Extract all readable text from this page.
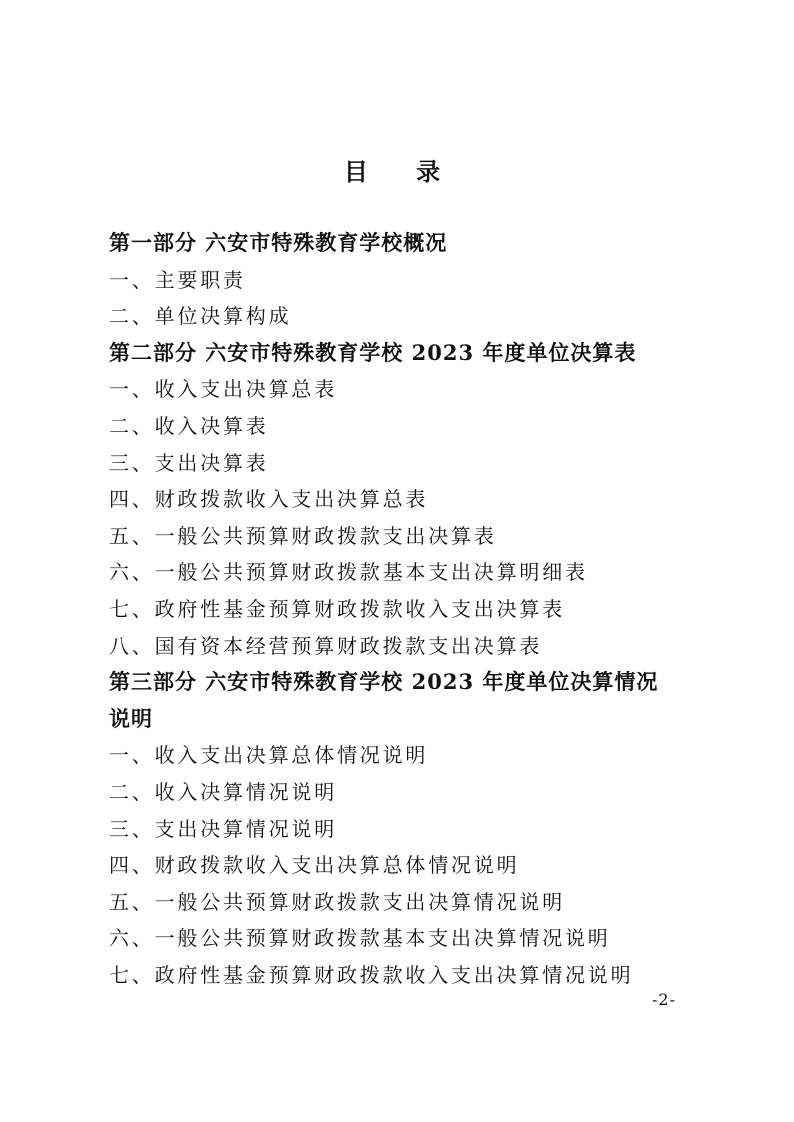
目 录
第一部分 六安市特殊教育学校概况
一、主要职责
二、单位决算构成
第二部分 六安市特殊教育学校 2023 年度单位决算表
一、收入支出决算总表
二、收入决算表
三、支出决算表
四、财政拨款收入支出决算总表
五、一般公共预算财政拨款支出决算表
六、一般公共预算财政拨款基本支出决算明细表
七、政府性基金预算财政拨款收入支出决算表
八、国有资本经营预算财政拨款支出决算表
第三部分 六安市特殊教育学校 2023 年度单位决算情况
说明
一、收入支出决算总体情况说明
二、收入决算情况说明
三、支出决算情况说明
四、财政拨款收入支出决算总体情况说明
五、一般公共预算财政拨款支出决算情况说明
六、一般公共预算财政拨款基本支出决算情况说明
七、政府性基金预算财政拨款收入支出决算情况说明
-2-
